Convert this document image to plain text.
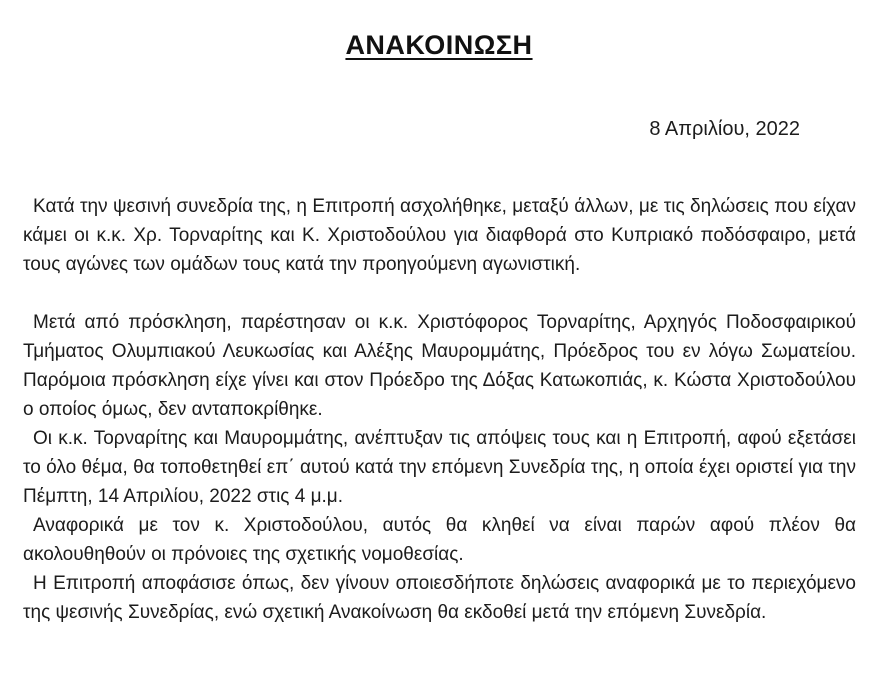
ΑΝΑΚΟΙΝΩΣΗ
8 Απριλίου, 2022

Κατά την ψεσινή συνεδρία της, η Επιτροπή ασχολήθηκε, μεταξύ άλλων, με τις δηλώσεις που είχαν κάμει οι κ.κ. Χρ. Τορναρίτης και Κ. Χριστοδούλου για διαφθορά στο Κυπριακό ποδόσφαιρο, μετά τους αγώνες των ομάδων τους κατά την προηγούμενη αγωνιστική.

Μετά από πρόσκληση, παρέστησαν οι κ.κ. Χριστόφορος Τορναρίτης, Αρχηγός Ποδοσφαιρικού Τμήματος Ολυμπιακού Λευκωσίας και Αλέξης Μαυρομμάτης, Πρόεδρος του εν λόγω Σωματείου. Παρόμοια πρόσκληση είχε γίνει και στον Πρόεδρο της Δόξας Κατωκοπιάς, κ. Κώστα Χριστοδούλου ο οποίος όμως, δεν ανταποκρίθηκε.

Οι κ.κ. Τορναρίτης και Μαυρομμάτης, ανέπτυξαν τις απόψεις τους και η Επιτροπή, αφού εξετάσει το όλο θέμα, θα τοποθετηθεί επ΄ αυτού κατά την επόμενη Συνεδρία της, η οποία έχει οριστεί για την Πέμπτη, 14 Απριλίου, 2022 στις 4 μ.μ.

Αναφορικά με τον κ. Χριστοδούλου, αυτός θα κληθεί να είναι παρών αφού πλέον θα ακολουθηθούν οι πρόνοιες της σχετικής νομοθεσίας.

Η Επιτροπή αποφάσισε όπως, δεν γίνουν οποιεσδήποτε δηλώσεις αναφορικά με το περιεχόμενο της ψεσινής Συνεδρίας, ενώ σχετική Ανακοίνωση θα εκδοθεί μετά την επόμενη Συνεδρία.
